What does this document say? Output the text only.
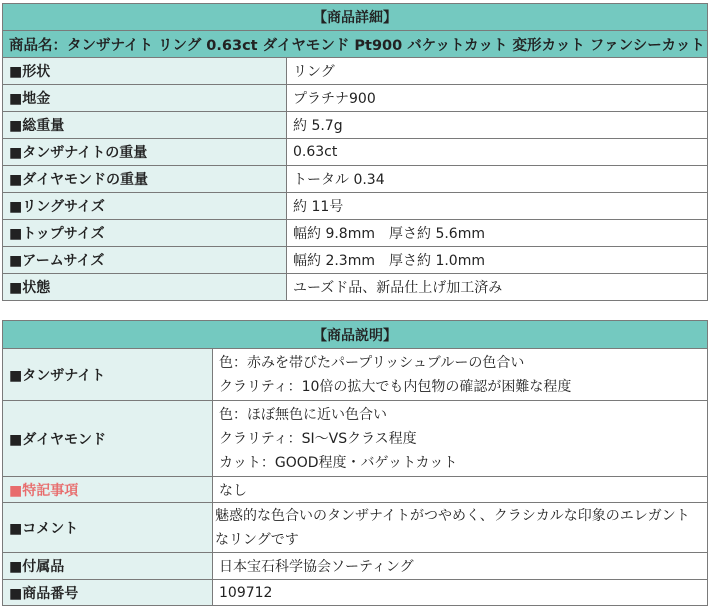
【商品詳細】	
商品名：タンザナイト リング 0.63ct ダイヤモンド Pt900 バケットカット 変形カット ファンシーカット	
■形状	リング
■地金	プラチナ900
■総重量	約 5.7g
■タンザナイトの重量	0.63ct
■ダイヤモンドの重量	トータル 0.34
■リングサイズ	約 11号
■トップサイズ	幅約 9.8mm　厚さ約 5.6mm
■アームサイズ	幅約 2.3mm　厚さ約 1.0mm
■状態	ユーズド品、新品仕上げ加工済み
【商品説明】	
■タンザナイト	色：赤みを帯びたパープリッシュブルーの色合い
クラリティ：10倍の拡大でも内包物の確認が困難な程度

■ダイヤモンド	色：ほぼ無色に近い色合い
クラリティ：SI～VSクラス程度
カット：GOOD程度・バゲットカット

■特記事項	なし
■コメント	魅惑的な色合いのタンザナイトがつやめく、クラシカルな印象のエレガントなリングです
■付属品	日本宝石科学協会ソーティング
■商品番号	109712
